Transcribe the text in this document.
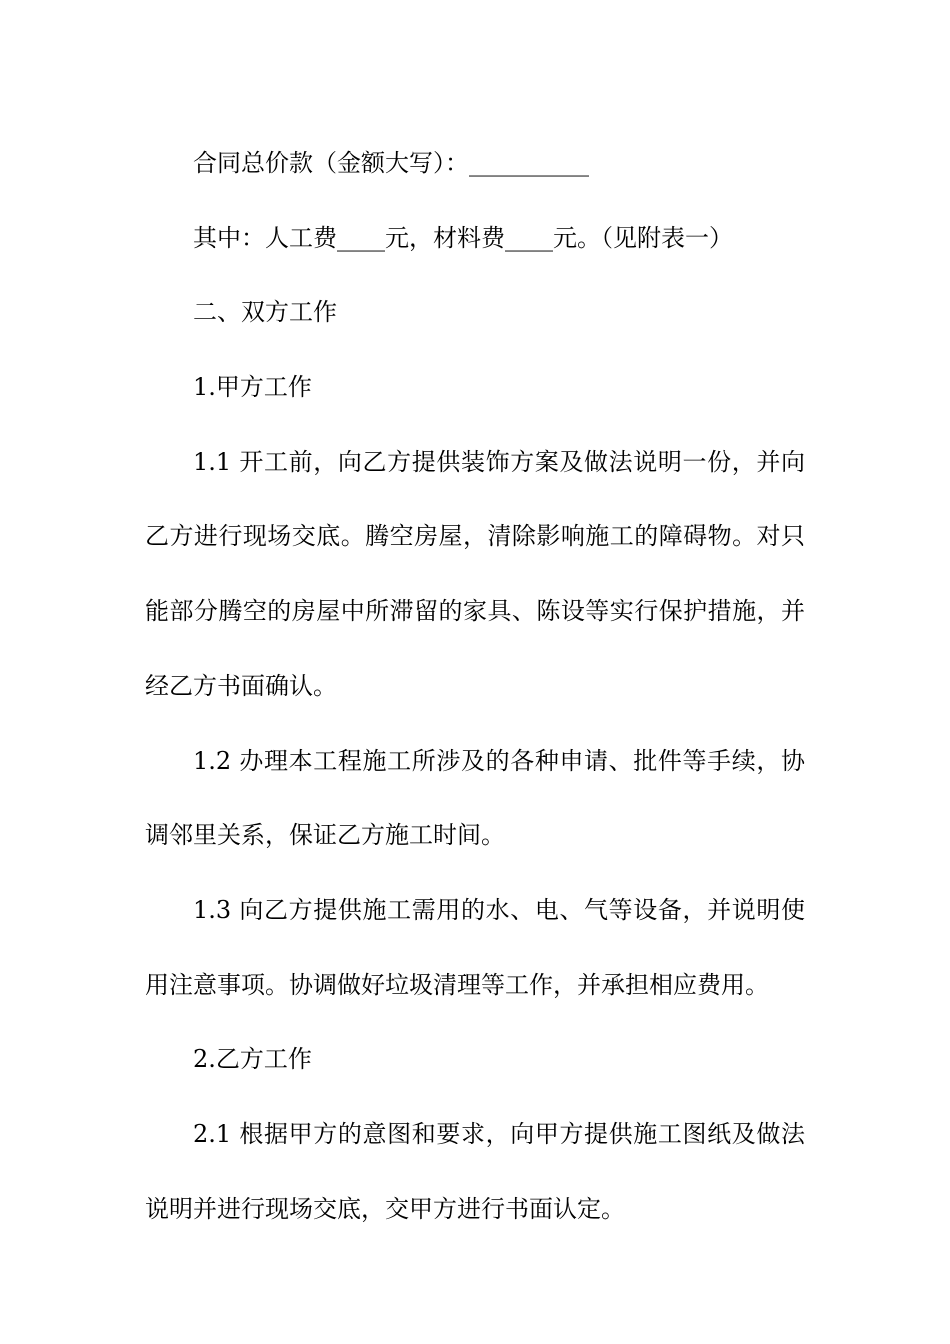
合同总价款（金额大写）：__________
其中：人工费____元，材料费____元。（见附表一）
二、双方工作
1.甲方工作
1.1 开工前，向乙方提供装饰方案及做法说明一份，并向
乙方进行现场交底。腾空房屋，清除影响施工的障碍物。对只
能部分腾空的房屋中所滞留的家具、陈设等实行保护措施，并
经乙方书面确认。
1.2 办理本工程施工所涉及的各种申请、批件等手续，协
调邻里关系，保证乙方施工时间。
1.3 向乙方提供施工需用的水、电、气等设备，并说明使
用注意事项。协调做好垃圾清理等工作，并承担相应费用。
2.乙方工作
2.1 根据甲方的意图和要求，向甲方提供施工图纸及做法
说明并进行现场交底，交甲方进行书面认定。
